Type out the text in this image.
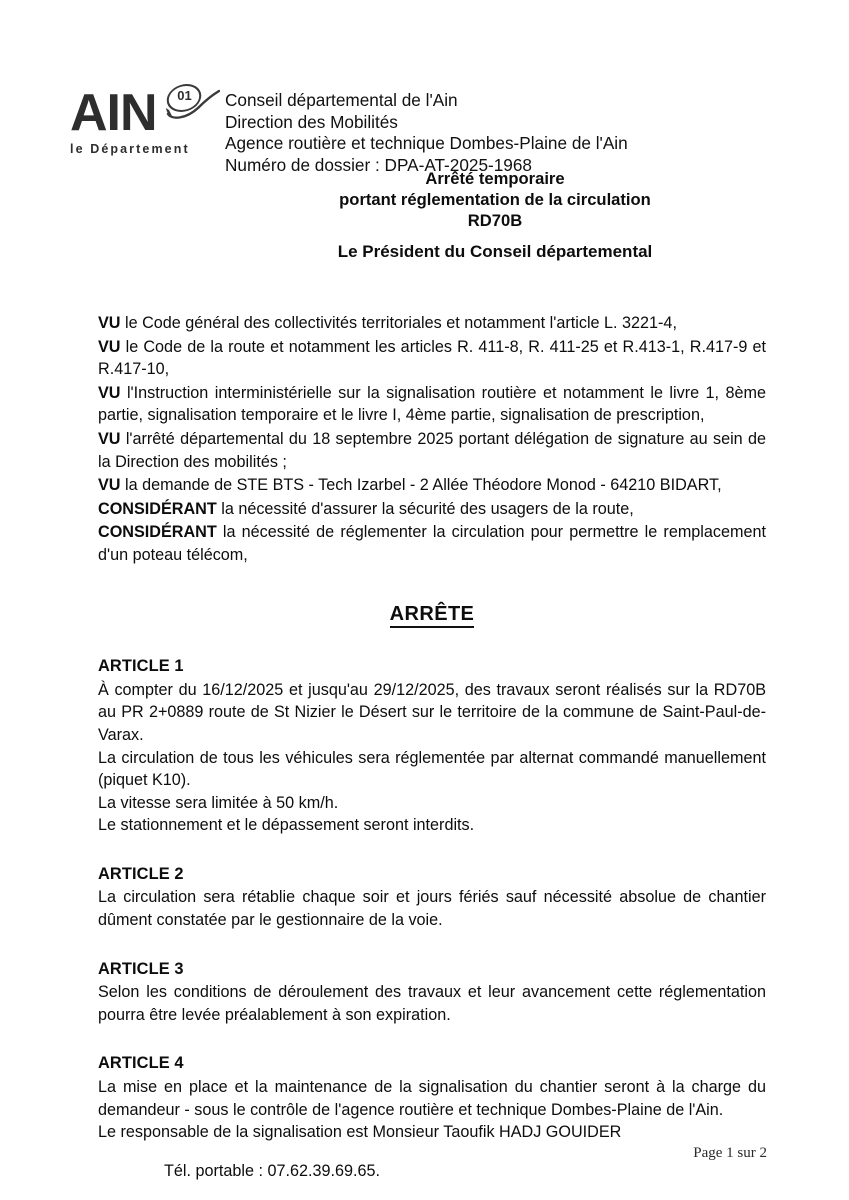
AIN	01
le Département
Conseil départemental de l'Ain
Direction des Mobilités
Agence routière et technique Dombes-Plaine de l'Ain
Numéro de dossier : DPA-AT-2025-1968
Arrêté temporaire
portant réglementation de la circulation
RD70B
Le Président du Conseil départemental

VU le Code général des collectivités territoriales et notamment l'article L. 3221-4,

VU le Code de la route et notamment les articles R. 411-8, R. 411-25 et R.413-1, R.417-9 et R.417-10,

VU l'Instruction interministérielle sur la signalisation routière et notamment le livre 1, 8ème partie, signalisation temporaire et le livre I, 4ème partie, signalisation de prescription,

VU l'arrêté départemental du 18 septembre 2025 portant délégation de signature au sein de la Direction des mobilités ;

VU la demande de STE BTS - Tech Izarbel - 2 Allée Théodore Monod - 64210 BIDART,

CONSIDÉRANT la nécessité d'assurer la sécurité des usagers de la route,

CONSIDÉRANT la nécessité de réglementer la circulation pour permettre le remplacement d'un poteau télécom,

ARRÊTE
ARTICLE 1

À compter du 16/12/2025 et jusqu'au 29/12/2025, des travaux seront réalisés sur la RD70B au PR 2+0889 route de St Nizier le Désert sur le territoire de la commune de Saint-Paul-de-Varax.

La circulation de tous les véhicules sera réglementée par alternat commandé manuellement (piquet K10).

La vitesse sera limitée à 50 km/h.

Le stationnement et le dépassement seront interdits.

ARTICLE 2

La circulation sera rétablie chaque soir et jours fériés sauf nécessité absolue de chantier dûment constatée par le gestionnaire de la voie.

ARTICLE 3

Selon les conditions de déroulement des travaux et leur avancement cette réglementation pourra être levée préalablement à son expiration.

ARTICLE 4

La mise en place et la maintenance de la signalisation du chantier seront à la charge du demandeur - sous le contrôle de l'agence routière et technique Dombes-Plaine de l'Ain.

Le responsable de la signalisation est Monsieur Taoufik HADJ GOUIDER

Tél. portable : 07.62.39.69.65.

Page 1 sur 2
